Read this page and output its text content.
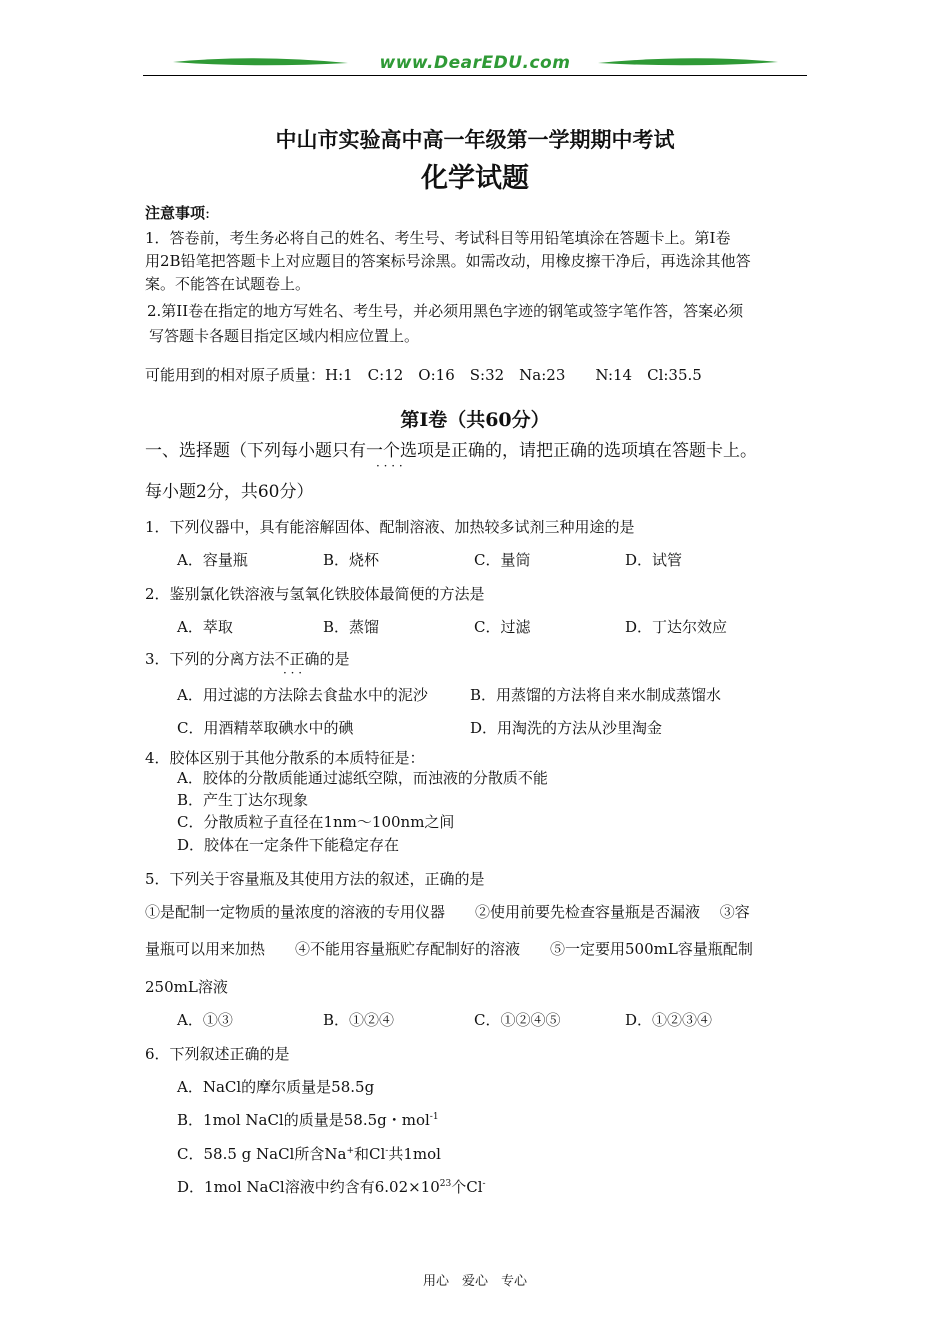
www.DearEDU.com
中山市实验高中高一年级第一学期期中考试
化学试题
注意事项:
1．答卷前，考生务必将自己的姓名、考生号、考试科目等用铅笔填涂在答题卡上。第Ⅰ卷
用2B铅笔把答题卡上对应题目的答案标号涂黑。如需改动，用橡皮擦干净后，再选涂其他答
案。不能答在试题卷上。
2.第II卷在指定的地方写姓名、考生号，并必须用黑色字迹的钢笔或签字笔作答，答案必须
写答题卡各题目指定区域内相应位置上。
可能用到的相对原子质量：H:1　C:12　O:16　S:32　Na:23　　N:14　Cl:35.5
第Ⅰ卷（共60分）
一、选择题（下列每小题只有一个选项是正确的，请把正确的选项填在答题卡上。
· · · ·
每小题2分，共60分）
1．下列仪器中，具有能溶解固体、配制溶液、加热较多试剂三种用途的是
A．容量瓶	B．烧杯	C．量筒	D．试管
2．鉴别氯化铁溶液与氢氧化铁胶体最简便的方法是
A．萃取	B．蒸馏	C．过滤	D．丁达尔效应
3．下列的分离方法不正确的是
· · ·
A．用过滤的方法除去食盐水中的泥沙	B．用蒸馏的方法将自来水制成蒸馏水
C．用酒精萃取碘水中的碘	D．用淘洗的方法从沙里淘金
4．胶体区别于其他分散系的本质特征是：
A．胶体的分散质能通过滤纸空隙，而浊液的分散质不能
B．产生丁达尔现象
C．分散质粒子直径在1nm～100nm之间
D．胶体在一定条件下能稳定存在
5．下列关于容量瓶及其使用方法的叙述，正确的是
①是配制一定物质的量浓度的溶液的专用仪器　　②使用前要先检查容量瓶是否漏液　 ③容
量瓶可以用来加热　　④不能用容量瓶贮存配制好的溶液　　⑤一定要用500mL容量瓶配制
250mL溶液
A．①③	B．①②④	C．①②④⑤	D．①②③④
6．下列叙述正确的是
A．NaCl的摩尔质量是58.5g
B．1mol NaCl的质量是58.5g・mol$^{-1}$
C．58.5 g NaCl所含Na+和Cl-共1mol
D．1mol NaCl溶液中约含有$6.02\times 10^{23}$个Cl-
用心　爱心　专心
